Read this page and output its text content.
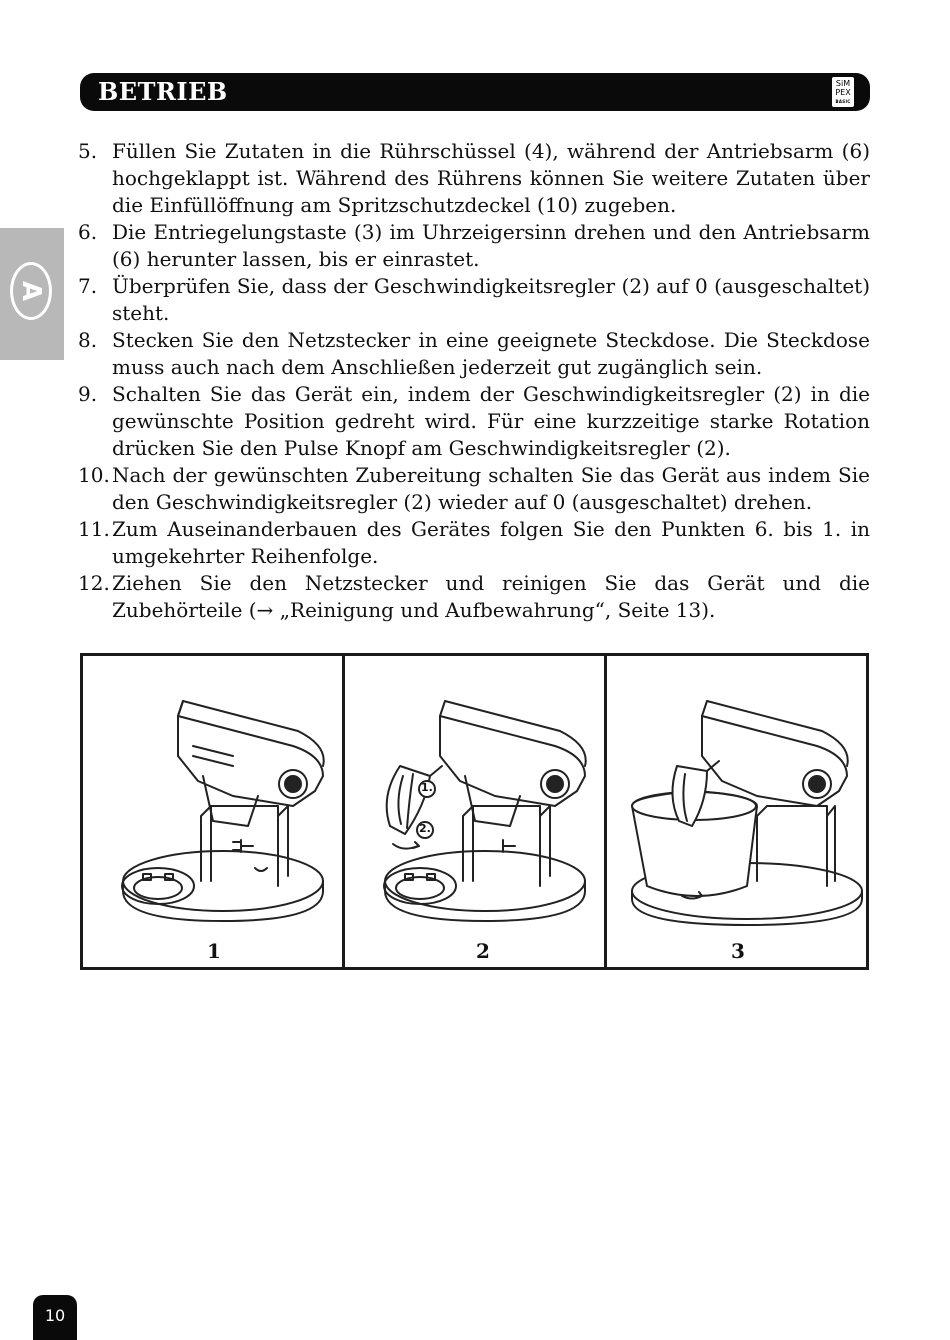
BETRIEB	SiM
PEX
BASIC
A
5. Füllen Sie Zutaten in die Rührschüssel (4), während der Antriebsarm (6) hochgeklappt ist. Während des Rührens können Sie weitere Zutaten über die Einfüllöffnung am Spritzschutzdeckel (10) zugeben.
6. Die Entriegelungstaste (3) im Uhrzeigersinn drehen und den Antriebsarm (6) herunter lassen, bis er einrastet.
7. Überprüfen Sie, dass der Geschwindigkeitsregler (2) auf 0 (ausgeschaltet) steht.
8. Stecken Sie den Netzstecker in eine geeignete Steckdose. Die Steckdose muss auch nach dem Anschließen jederzeit gut zugänglich sein.
9. Schalten Sie das Gerät ein, indem der Geschwindigkeitsregler (2) in die gewünschte Position gedreht wird. Für eine kurzzeitige starke Rotation drücken Sie den Pulse Knopf am Geschwindigkeitsregler (2).
10. Nach der gewünschten Zubereitung schalten Sie das Gerät aus indem Sie den Geschwindigkeitsregler (2) wieder auf 0 (ausgeschaltet) drehen.
11. Zum Auseinanderbauen des Gerätes folgen Sie den Punkten 6. bis 1. in umgekehrter Reihenfolge.
12. Ziehen Sie den Netzstecker und reinigen Sie das Gerät und die Zubehörteile (→ „Reinigung und Aufbewahrung“, Seite 13).
1
1.
2.
2	3
10
